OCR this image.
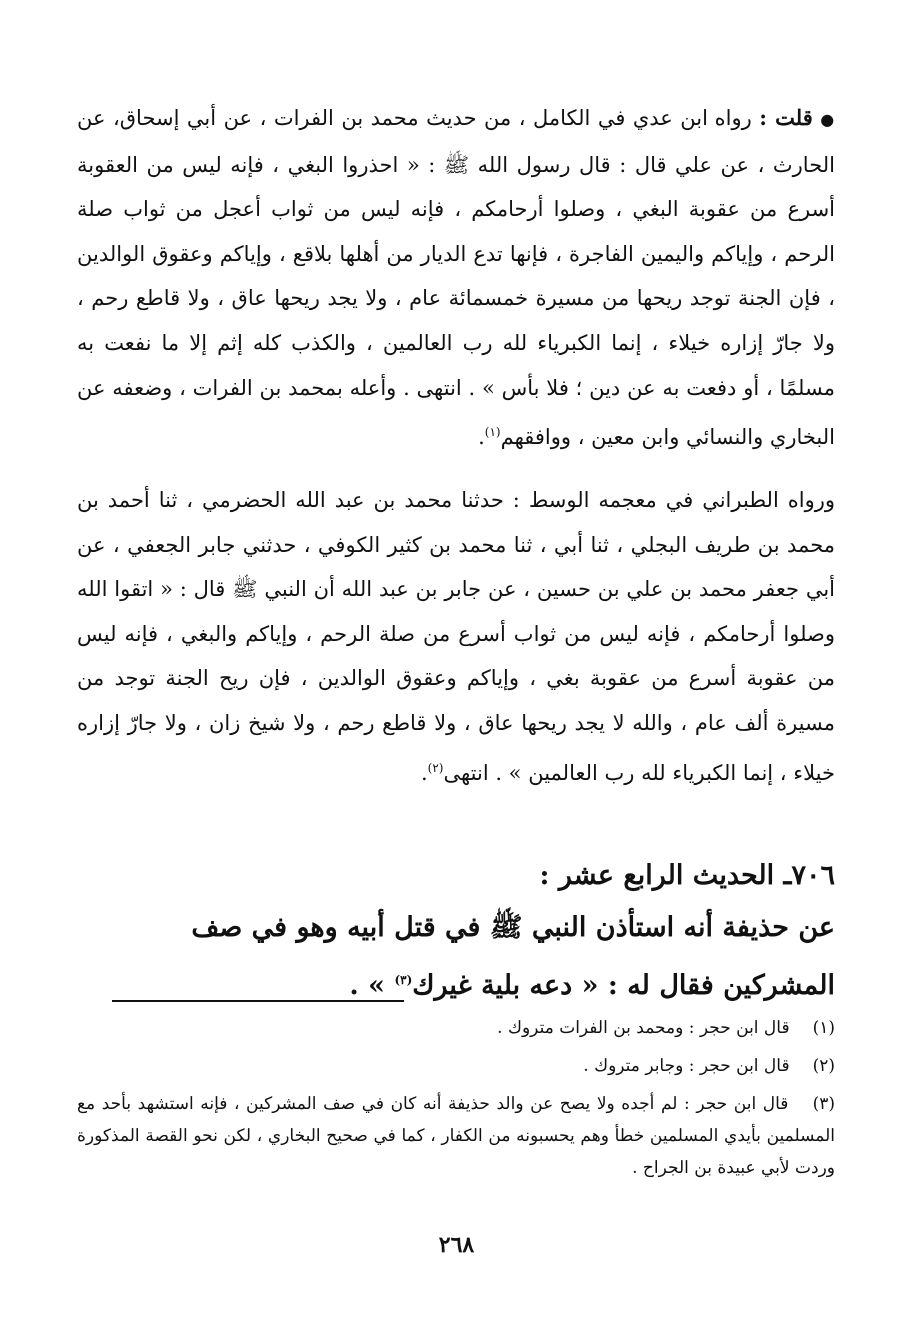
● قلت : رواه ابن عدي في الكامل ، من حديث محمد بن الفرات ، عن أبي إسحاق، عن الحارث ، عن علي قال : قال رسول الله ﷺ : « احذروا البغي ، فإنه ليس من العقوبة أسرع من عقوبة البغي ، وصلوا أرحامكم ، فإنه ليس من ثواب أعجل من ثواب صلة الرحم ، وإياكم واليمين الفاجرة ، فإنها تدع الديار من أهلها بلاقع ، وإياكم وعقوق الوالدين ، فإن الجنة توجد ريحها من مسيرة خمسمائة عام ، ولا يجد ريحها عاق ، ولا قاطع رحم ، ولا جارّ إزاره خيلاء ، إنما الكبرياء لله رب العالمين ، والكذب كله إثم إلا ما نفعت به مسلمًا ، أو دفعت به عن دين ؛ فلا بأس » . انتهى . وأعله بمحمد بن الفرات ، وضعفه عن البخاري والنسائي وابن معين ، ووافقهم$^{(١)}$.

ورواه الطبراني في معجمه الوسط : حدثنا محمد بن عبد الله الحضرمي ، ثنا أحمد بن محمد بن طريف البجلي ، ثنا أبي ، ثنا محمد بن كثير الكوفي ، حدثني جابر الجعفي ، عن أبي جعفر محمد بن علي بن حسين ، عن جابر بن عبد الله أن النبي ﷺ قال : « اتقوا الله وصلوا أرحامكم ، فإنه ليس من ثواب أسرع من صلة الرحم ، وإياكم والبغي ، فإنه ليس من عقوبة أسرع من عقوبة بغي ، وإياكم وعقوق الوالدين ، فإن ريح الجنة توجد من مسيرة ألف عام ، والله لا يجد ريحها عاق ، ولا قاطع رحم ، ولا شيخ زان ، ولا جارّ إزاره خيلاء ، إنما الكبرياء لله رب العالمين » . انتهى$^{(٢)}$.

٧٠٦ـ الحديث الرابع عشر :
عن حذيفة أنه استأذن النبي ﷺ في قتل أبيه وهو في صف المشركين فقال له : « دعه بلية غيرك$^{(٣)}$ » .

(١) قال ابن حجر : ومحمد بن الفرات متروك .

(٢) قال ابن حجر : وجابر متروك .

(٣) قال ابن حجر : لم أجده ولا يصح عن والد حذيفة أنه كان في صف المشركين ، فإنه استشهد بأحد مع المسلمين بأيدي المسلمين خطأ وهم يحسبونه من الكفار ، كما في صحيح البخاري ، لكن نحو القصة المذكورة وردت لأبي عبيدة بن الجراح .

٢٦٨
